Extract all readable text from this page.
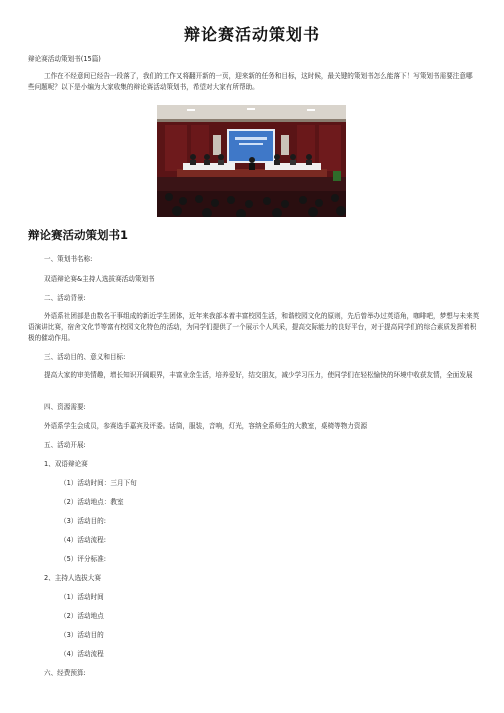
辩论赛活动策划书
辩论赛活动策划书(15篇)
工作在不经意间已经告一段落了，我们的工作又将翻开新的一页，迎来新的任务和目标，这时候，最关键的策划书怎么能落下！写策划书需要注意哪些问题呢？以下是小编为大家收集的辩论赛活动策划书，希望对大家有所帮助。
辩论赛活动策划书1
一、策划书名称:
双语辩论赛&主持人选拔赛活动策划书
二、活动背景:
外语系社团部是由数名干事组成的新近学生团体，近年来我部本着丰富校园生活，和谐校园文化的原则，先后曾举办过英语角，咖啡吧，梦想与未来英语演讲比赛，宿舍文化节等富有校园文化特色的活动，为同学们提供了一个展示个人风采，提高交际能力的良好平台，对于提高同学们的综合素质发挥着积极的催动作用。
三、活动目的、意义和目标:
提高大家的审美情趣，增长知识开阔眼界，丰富业余生活，培养爱好，结交朋友，减少学习压力，使同学们在轻松愉快的环境中收获友情，全面发展
四、资源需要:
外语系学生会成员，参赛选手嘉宾及评委。话筒，服装，音响，灯光，容纳全系师生的大教室，桌椅等物力资源
五、活动开展:
1、双语辩论赛
（1）活动时间：三月下旬
（2）活动地点：教室
（3）活动目的:
（4）活动流程:
（5）评分标准:
2、主持人选拔大赛
（1）活动时间
（2）活动地点
（3）活动目的
（4）活动流程
六、经费预算:
